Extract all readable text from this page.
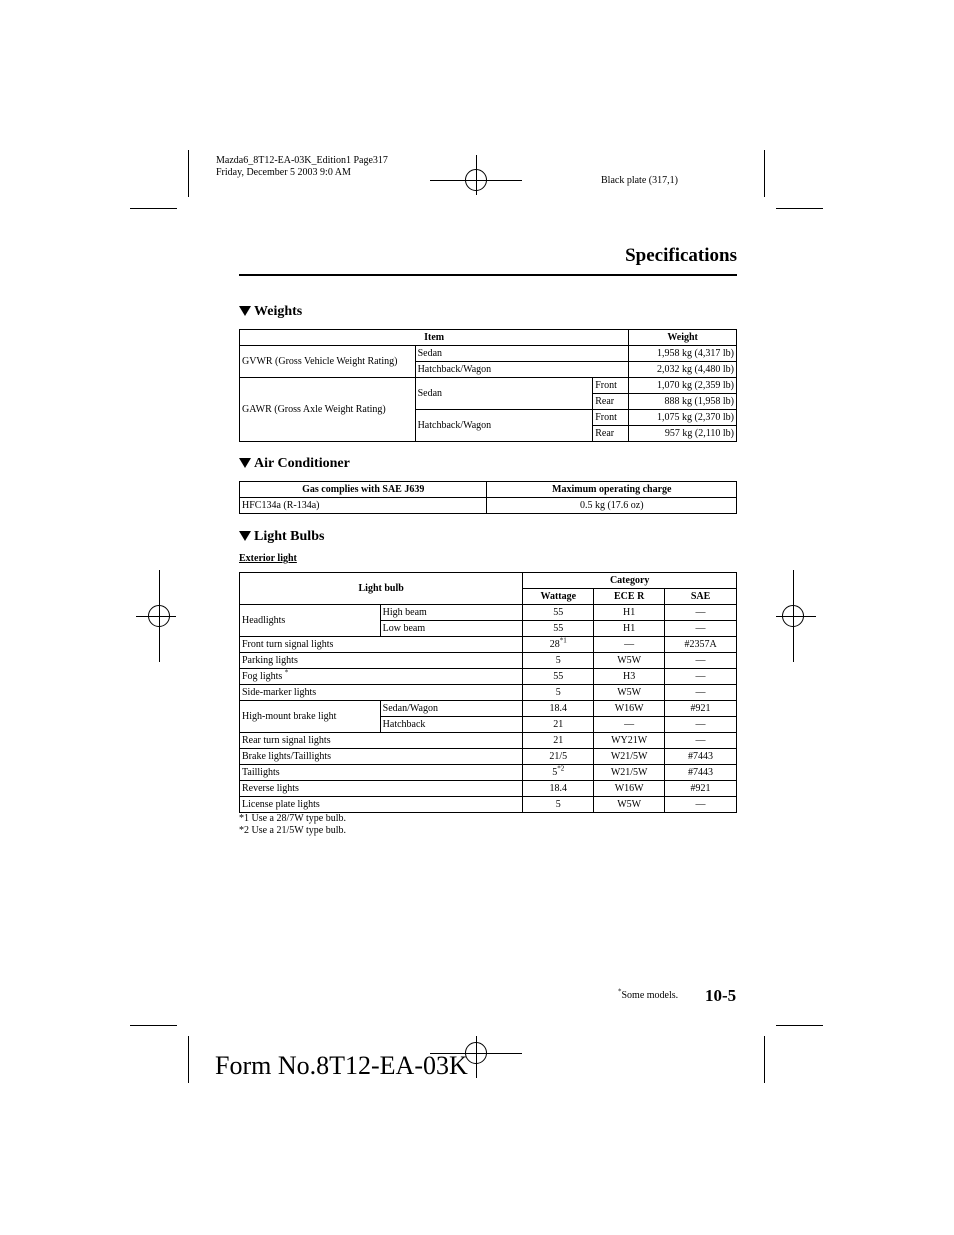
Mazda6_8T12-EA-03K_Edition1 Page317
Friday, December 5 2003 9:0 AM
Black plate (317,1)
Specifications
Weights
Item			Weight
GVWR (Gross Vehicle Weight Rating)	Sedan		1,958 kg (4,317 lb)
	Hatchback/Wagon		2,032 kg (4,480 lb)
GAWR (Gross Axle Weight Rating)	Sedan	Front	1,070 kg (2,359 lb)
		Rear	888 kg (1,958 lb)
	Hatchback/Wagon	Front	1,075 kg (2,370 lb)
		Rear	957 kg (2,110 lb)
Air Conditioner
Gas complies with SAE J639	Maximum operating charge
HFC134a (R-134a)	0.5 kg (17.6 oz)
Light Bulbs
Exterior light
Light bulb		Category		
		Wattage	ECE R	SAE
Headlights	High beam	55	H1	—
	Low beam	55	H1	—
Front turn signal lights		28$^{*1}$	—	#2357A
Parking lights		5	W5W	—
Fog lights *		55	H3	—
Side-marker lights		5	W5W	—
High-mount brake light	Sedan/Wagon	18.4	W16W	#921
	Hatchback	21	—	—
Rear turn signal lights		21	WY21W	—
Brake lights/Taillights		21/5	W21/5W	#7443
Taillights		5$^{*2}$	W21/5W	#7443
Reverse lights		18.4	W16W	#921
License plate lights		5	W5W	—
*1 Use a 28/7W type bulb.
*2 Use a 21/5W type bulb.
*Some models. 10-5
Form No.8T12-EA-03K
